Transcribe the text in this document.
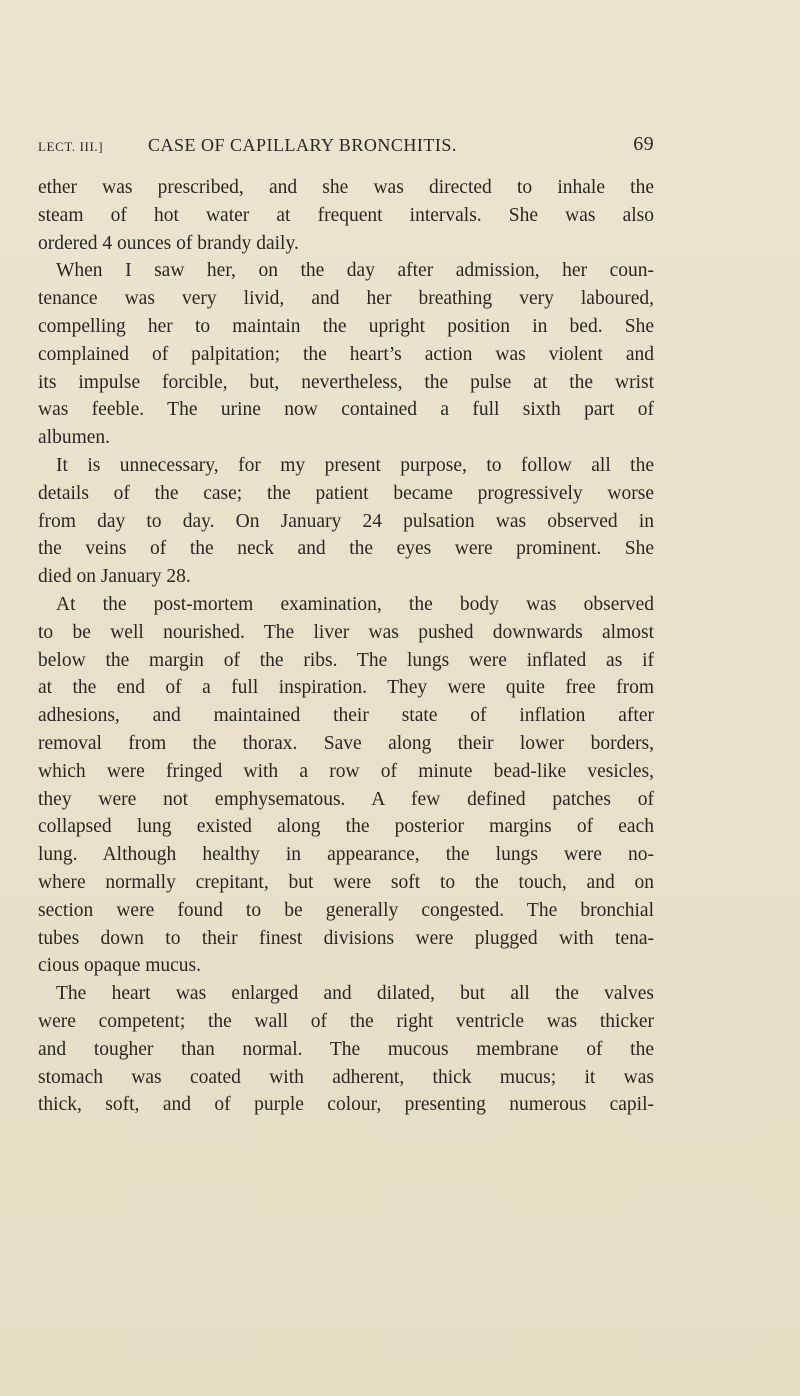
LECT. III.] CASE OF CAPILLARY BRONCHITIS.	69
ether was prescribed, and she was directed to inhale the
steam of hot water at frequent intervals. She was also
ordered 4 ounces of brandy daily.
When I saw her, on the day after admission, her coun-
tenance was very livid, and her breathing very laboured,
compelling her to maintain the upright position in bed. She
complained of palpitation; the heart’s action was violent and
its impulse forcible, but, nevertheless, the pulse at the wrist
was feeble. The urine now contained a full sixth part of
albumen.
It is unnecessary, for my present purpose, to follow all the
details of the case; the patient became progressively worse
from day to day. On January 24 pulsation was observed in
the veins of the neck and the eyes were prominent. She
died on January 28.
At the post-mortem examination, the body was observed
to be well nourished. The liver was pushed downwards almost
below the margin of the ribs. The lungs were inflated as if
at the end of a full inspiration. They were quite free from
adhesions, and maintained their state of inflation after
removal from the thorax. Save along their lower borders,
which were fringed with a row of minute bead-like vesicles,
they were not emphysematous. A few defined patches of
collapsed lung existed along the posterior margins of each
lung. Although healthy in appearance, the lungs were no-
where normally crepitant, but were soft to the touch, and on
section were found to be generally congested. The bronchial
tubes down to their finest divisions were plugged with tena-
cious opaque mucus.
The heart was enlarged and dilated, but all the valves
were competent; the wall of the right ventricle was thicker
and tougher than normal. The mucous membrane of the
stomach was coated with adherent, thick mucus; it was
thick, soft, and of purple colour, presenting numerous capil-
